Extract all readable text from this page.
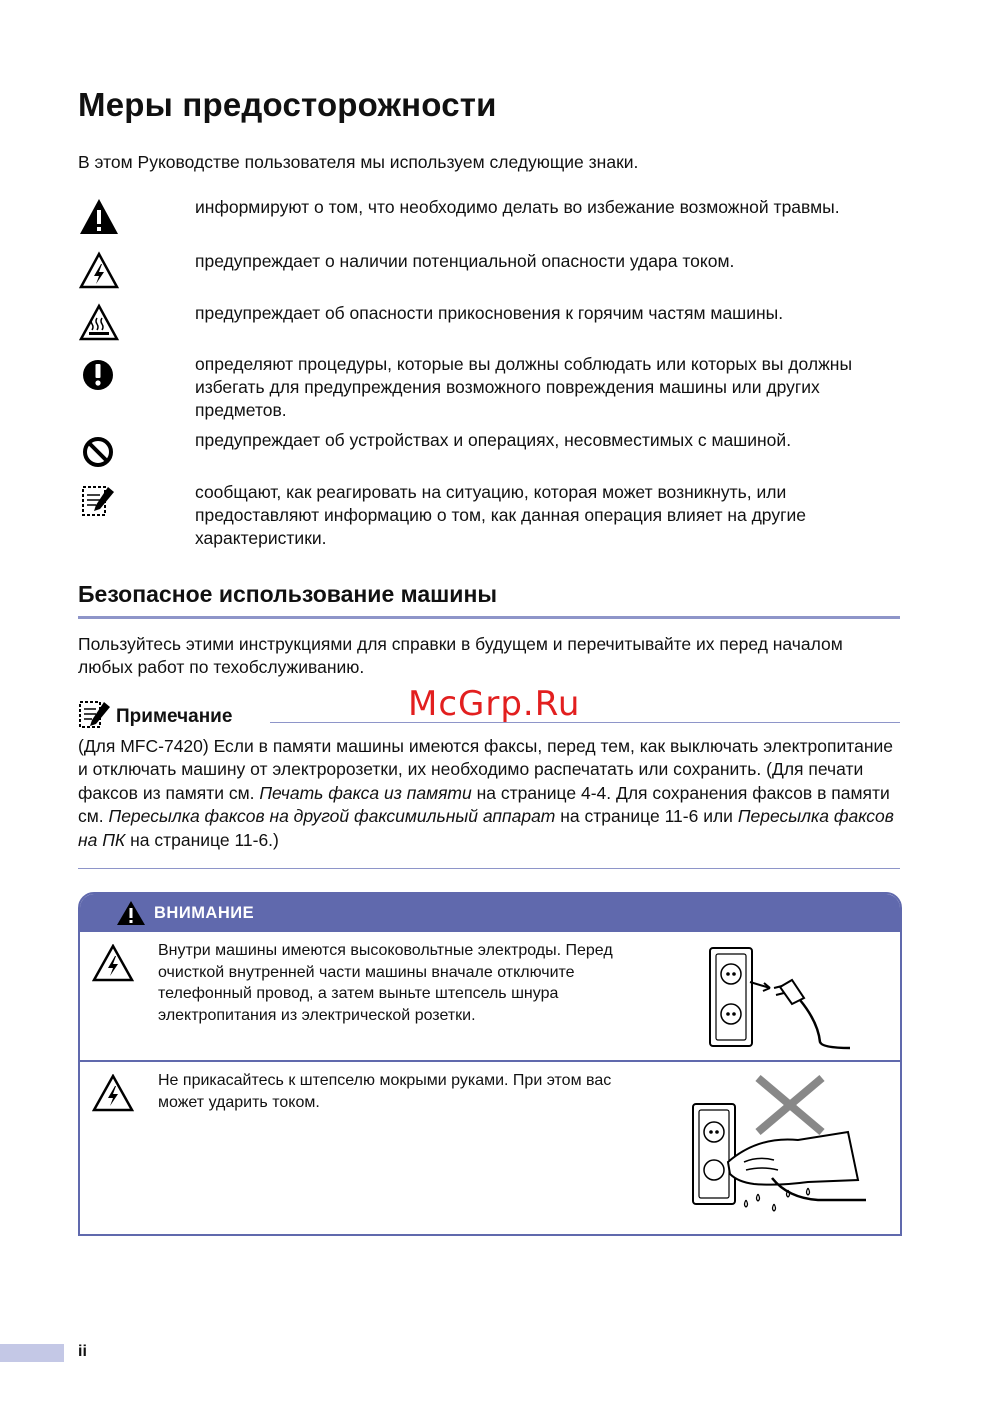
Меры предосторожности
В этом Руководстве пользователя мы используем следующие знаки.
информируют о том, что необходимо делать во избежание возможной травмы.
предупреждает о наличии потенциальной опасности удара током.
предупреждает об опасности прикосновения к горячим частям машины.
определяют процедуры, которые вы должны соблюдать или которых вы должны избегать для предупреждения возможного повреждения машины или других предметов.
предупреждает об устройствах и операциях, несовместимых с машиной.
сообщают, как реагировать на ситуацию, которая может возникнуть, или предоставляют информацию о том, как данная операция влияет на другие характеристики.
Безопасное использование машины
Пользуйтесь этими инструкциями для справки в будущем и перечитывайте их перед началом любых работ по техобслуживанию.
Примечание	McGrp.Ru
(Для MFC-7420) Если в памяти машины имеются факсы, перед тем, как выключать электропитание и отключать машину от электророзетки, их необходимо распечатать или сохранить. (Для печати факсов из памяти см. Печать факса из памяти на странице 4-4. Для сохранения факсов в памяти см. Пересылка факсов на другой факсимильный аппарат на странице 11-6 или Пересылка факсов на ПК на странице 11-6.)
ВНИМАНИЕ
Внутри машины имеются высоковольтные электроды. Перед очисткой внутренней части машины вначале отключите телефонный провод, а затем выньте штепсель шнура электропитания из электрической розетки.
Не прикасайтесь к штепселю мокрыми руками. При этом вас может ударить током.
ii
